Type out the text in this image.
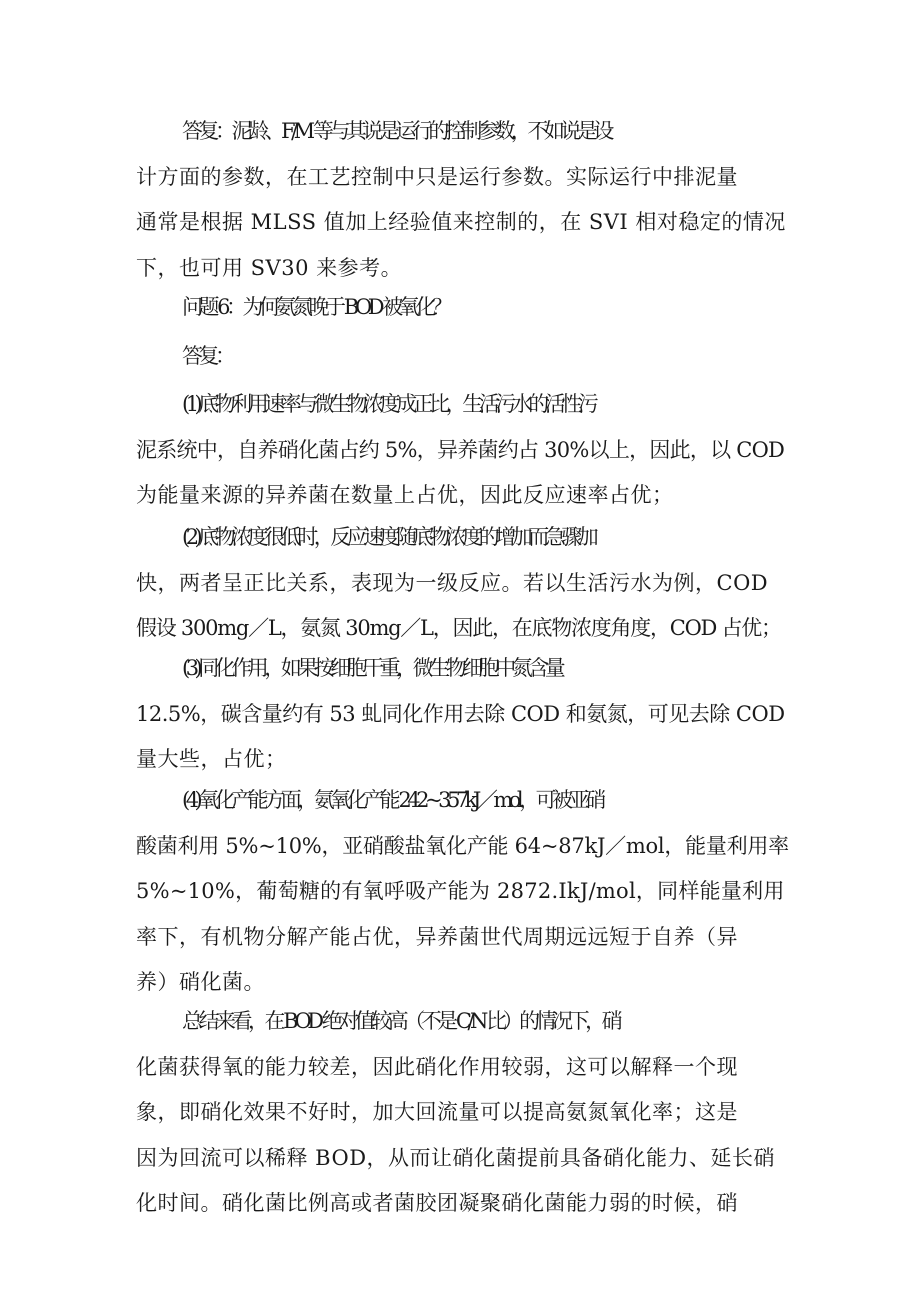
答复：泥龄、F/M 等与其说是运行的控制参数，不如说是设
计方面的参数，在工艺控制中只是运行参数。实际运行中排泥量
通常是根据 MLSS 值加上经验值来控制的，在 SVI 相对稳定的情况
下，也可用 SV30 来参考。

问题 6：为何氨氮晚于 BOD 被氧化？

答复：

(1)底物利用速率与微生物浓度成正比，生活污水的活性污
泥系统中，自养硝化菌占约 5%，异养菌约占 30%以上，因此，以 COD
为能量来源的异养菌在数量上占优，因此反应速率占优；

(2)底物浓度很低时，反应速度随底物浓度的增加而急骤加
快，两者呈正比关系，表现为一级反应。若以生活污水为例，COD
假设 300mg／L，氨氮 30mg／L，因此，在底物浓度角度，COD 占优；

(3)同化作用，如果按细胞干重，微生物细胞中氮含量
12.5%，碳含量约有 53 虬同化作用去除 COD 和氨氮，可见去除 COD
量大些，占优；

(4)氧化产能方面，氨氧化产能 242~357kJ／mol，可被亚硝
酸菌利用 5%~10%，亚硝酸盐氧化产能 64~87kJ／mol，能量利用率
5%~10%，葡萄糖的有氧呼吸产能为 2872.IkJ/mol，同样能量利用
率下，有机物分解产能占优，异养菌世代周期远远短于自养（异
养）硝化菌。

总结来看，在 BOD 绝对值较高（不是 C/N 比）的情况下，硝
化菌获得氧的能力较差，因此硝化作用较弱，这可以解释一个现
象，即硝化效果不好时，加大回流量可以提高氨氮氧化率；这是
因为回流可以稀释 BOD，从而让硝化菌提前具备硝化能力、延长硝
化时间。硝化菌比例高或者菌胶团凝聚硝化菌能力弱的时候，硝
